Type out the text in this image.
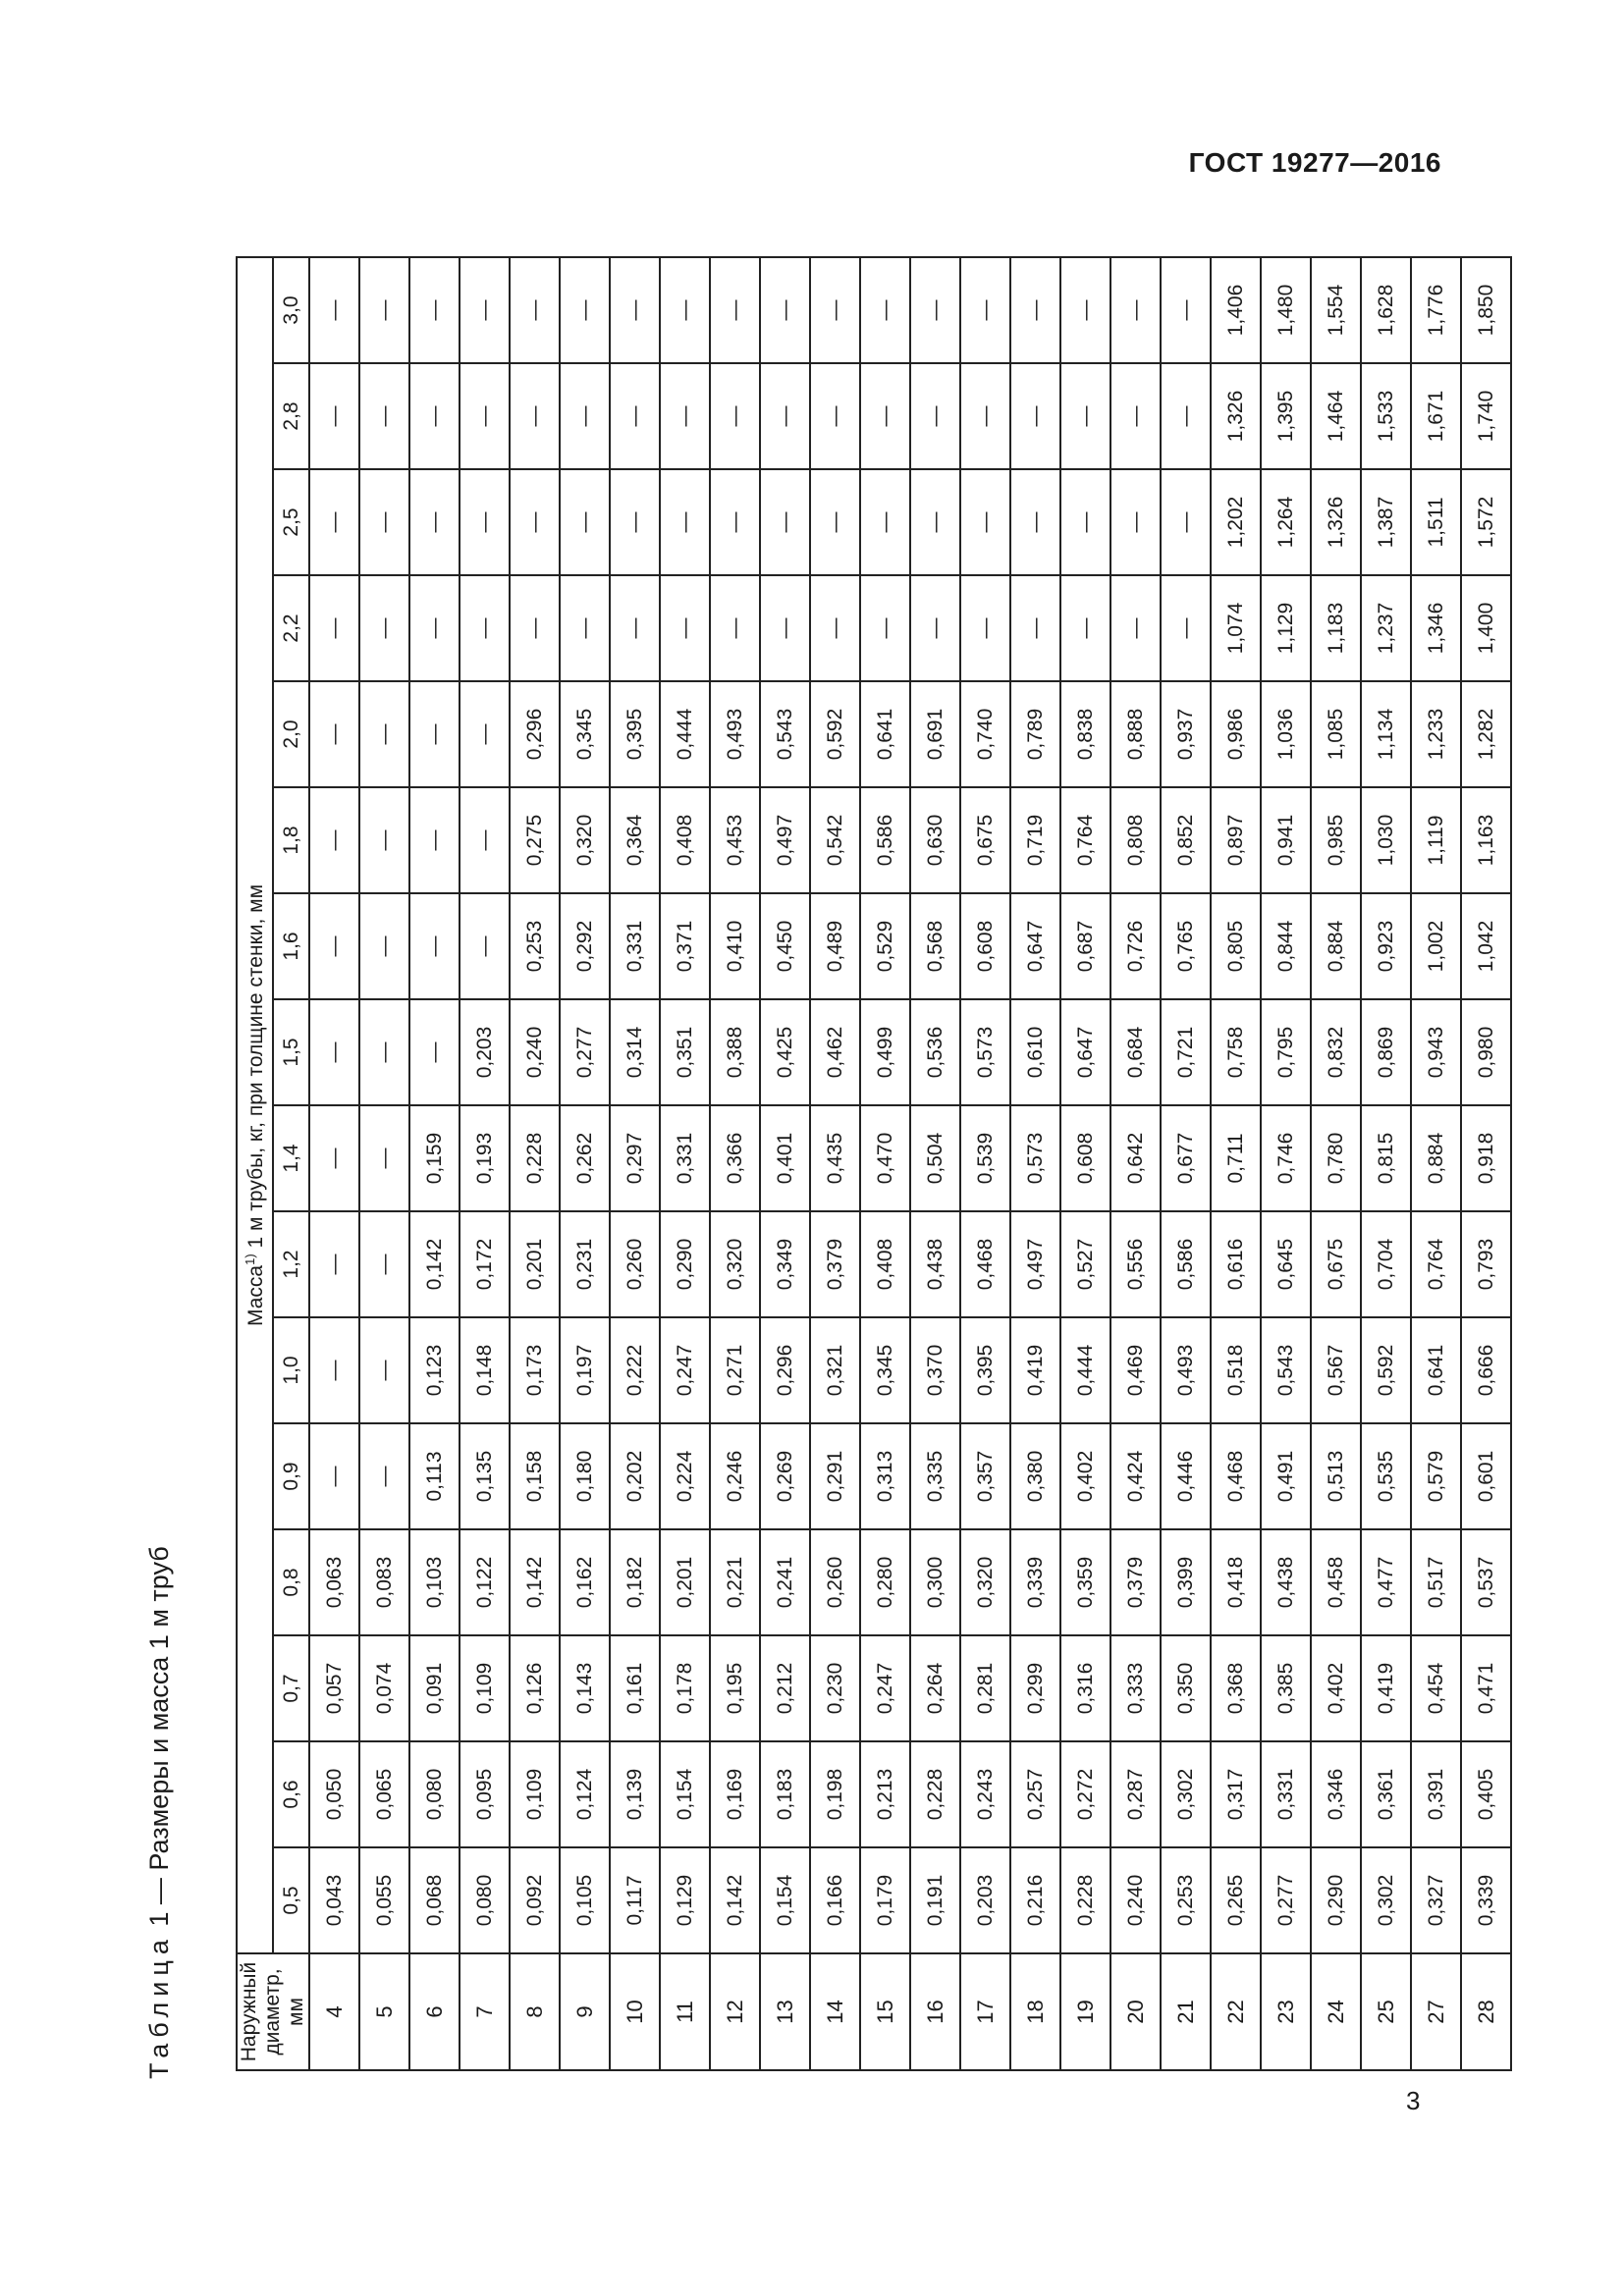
ГОСТ 19277—2016
Таблица 1 — Размеры и масса 1 м труб
Наружный диаметр, мм	Масса$^{1)}$ 1 м трубы, кг, при толщине стенки, мм															
	0,5	0,6	0,7	0,8	0,9	1,0	1,2	1,4	1,5	1,6	1,8	2,0	2,2	2,5	2,8	3,0
4	0,043	0,050	0,057	0,063	—	—	—	—	—	—	—	—	—	—	—	—
5	0,055	0,065	0,074	0,083	—	—	—	—	—	—	—	—	—	—	—	—
6	0,068	0,080	0,091	0,103	0,113	0,123	0,142	0,159	—	—	—	—	—	—	—	—
7	0,080	0,095	0,109	0,122	0,135	0,148	0,172	0,193	0,203	—	—	—	—	—	—	—
8	0,092	0,109	0,126	0,142	0,158	0,173	0,201	0,228	0,240	0,253	0,275	0,296	—	—	—	—
9	0,105	0,124	0,143	0,162	0,180	0,197	0,231	0,262	0,277	0,292	0,320	0,345	—	—	—	—
10	0,117	0,139	0,161	0,182	0,202	0,222	0,260	0,297	0,314	0,331	0,364	0,395	—	—	—	—
11	0,129	0,154	0,178	0,201	0,224	0,247	0,290	0,331	0,351	0,371	0,408	0,444	—	—	—	—
12	0,142	0,169	0,195	0,221	0,246	0,271	0,320	0,366	0,388	0,410	0,453	0,493	—	—	—	—
13	0,154	0,183	0,212	0,241	0,269	0,296	0,349	0,401	0,425	0,450	0,497	0,543	—	—	—	—
14	0,166	0,198	0,230	0,260	0,291	0,321	0,379	0,435	0,462	0,489	0,542	0,592	—	—	—	—
15	0,179	0,213	0,247	0,280	0,313	0,345	0,408	0,470	0,499	0,529	0,586	0,641	—	—	—	—
16	0,191	0,228	0,264	0,300	0,335	0,370	0,438	0,504	0,536	0,568	0,630	0,691	—	—	—	—
17	0,203	0,243	0,281	0,320	0,357	0,395	0,468	0,539	0,573	0,608	0,675	0,740	—	—	—	—
18	0,216	0,257	0,299	0,339	0,380	0,419	0,497	0,573	0,610	0,647	0,719	0,789	—	—	—	—
19	0,228	0,272	0,316	0,359	0,402	0,444	0,527	0,608	0,647	0,687	0,764	0,838	—	—	—	—
20	0,240	0,287	0,333	0,379	0,424	0,469	0,556	0,642	0,684	0,726	0,808	0,888	—	—	—	—
21	0,253	0,302	0,350	0,399	0,446	0,493	0,586	0,677	0,721	0,765	0,852	0,937	—	—	—	—
22	0,265	0,317	0,368	0,418	0,468	0,518	0,616	0,711	0,758	0,805	0,897	0,986	1,074	1,202	1,326	1,406
23	0,277	0,331	0,385	0,438	0,491	0,543	0,645	0,746	0,795	0,844	0,941	1,036	1,129	1,264	1,395	1,480
24	0,290	0,346	0,402	0,458	0,513	0,567	0,675	0,780	0,832	0,884	0,985	1,085	1,183	1,326	1,464	1,554
25	0,302	0,361	0,419	0,477	0,535	0,592	0,704	0,815	0,869	0,923	1,030	1,134	1,237	1,387	1,533	1,628
27	0,327	0,391	0,454	0,517	0,579	0,641	0,764	0,884	0,943	1,002	1,119	1,233	1,346	1,511	1,671	1,776
28	0,339	0,405	0,471	0,537	0,601	0,666	0,793	0,918	0,980	1,042	1,163	1,282	1,400	1,572	1,740	1,850
3
